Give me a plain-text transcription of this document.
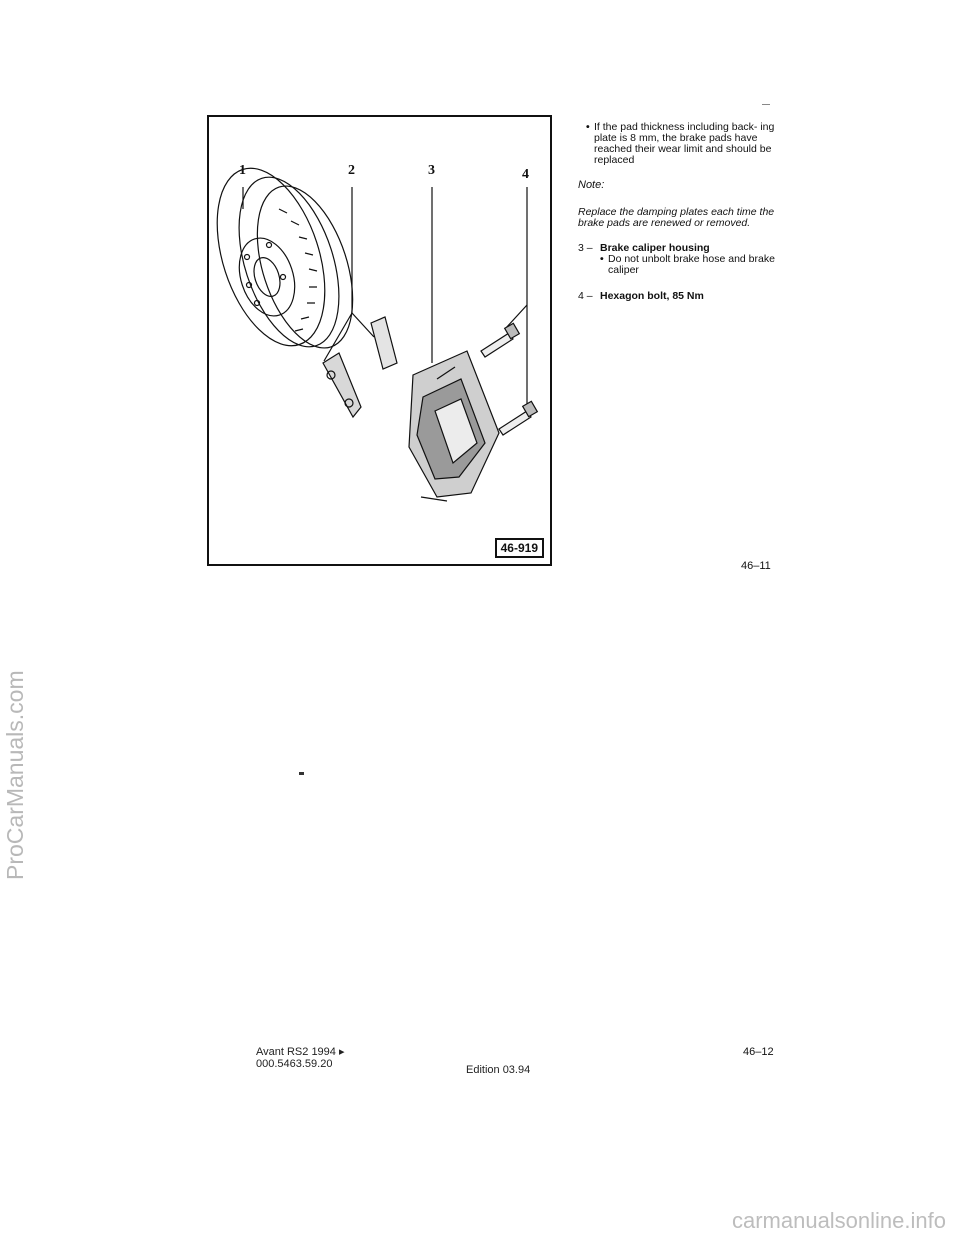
ProCarManuals.com
1	2	3	4
46-919
• If the pad thickness including back- ing plate is 8 mm, the brake pads have reached their wear limit and should be replaced
Note:
Replace the damping plates each time the brake pads are renewed or removed.
3 – Brake caliper housing
• Do not unbolt brake hose and brake caliper
4 – Hexagon bolt, 85 Nm
46–11
Avant RS2 1994 ▸
000.5463.59.20	Edition 03.94
46–12
carmanualsonline.info
